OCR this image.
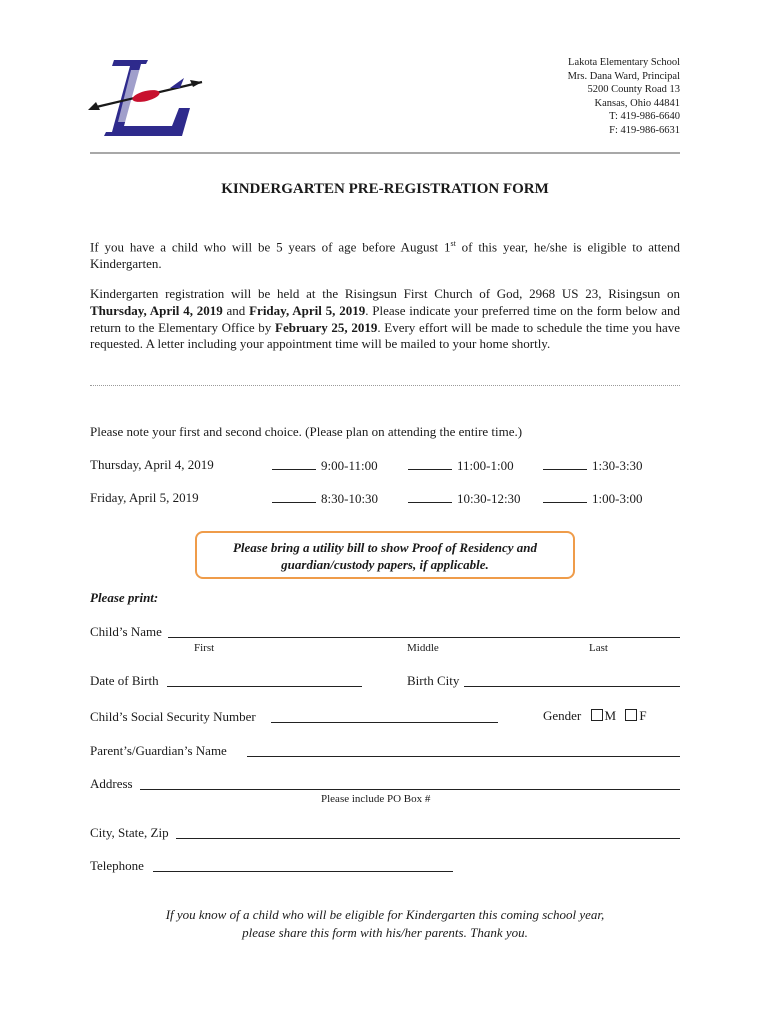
Lakota Elementary School
Mrs. Dana Ward, Principal
5200 County Road 13
Kansas, Ohio 44841
T: 419-986-6640
F: 419-986-6631
KINDERGARTEN PRE-REGISTRATION FORM
If you have a child who will be 5 years of age before August 1st of this year, he/she is eligible to attend Kindergarten.
Kindergarten registration will be held at the Risingsun First Church of God, 2968 US 23, Risingsun on Thursday, April 4, 2019 and Friday, April 5, 2019. Please indicate your preferred time on the form below and return to the Elementary Office by February 25, 2019. Every effort will be made to schedule the time you have requested. A letter including your appointment time will be mailed to your home shortly.
Please note your first and second choice. (Please plan on attending the entire time.)
Thursday, April 4, 2019	9:00-11:00	11:00-1:00	1:30-3:30
Friday, April 5, 2019	8:30-10:30	10:30-12:30	1:00-3:00
Please bring a utility bill to show Proof of Residency and
guardian/custody papers, if applicable.
Please print:
Child’s Name
First	Middle	Last
Date of Birth	Birth City
Child’s Social Security Number	Gender M F
Parent’s/Guardian’s Name
Address
Please include PO Box #
City, State, Zip
Telephone
If you know of a child who will be eligible for Kindergarten this coming school year,
please share this form with his/her parents. Thank you.
